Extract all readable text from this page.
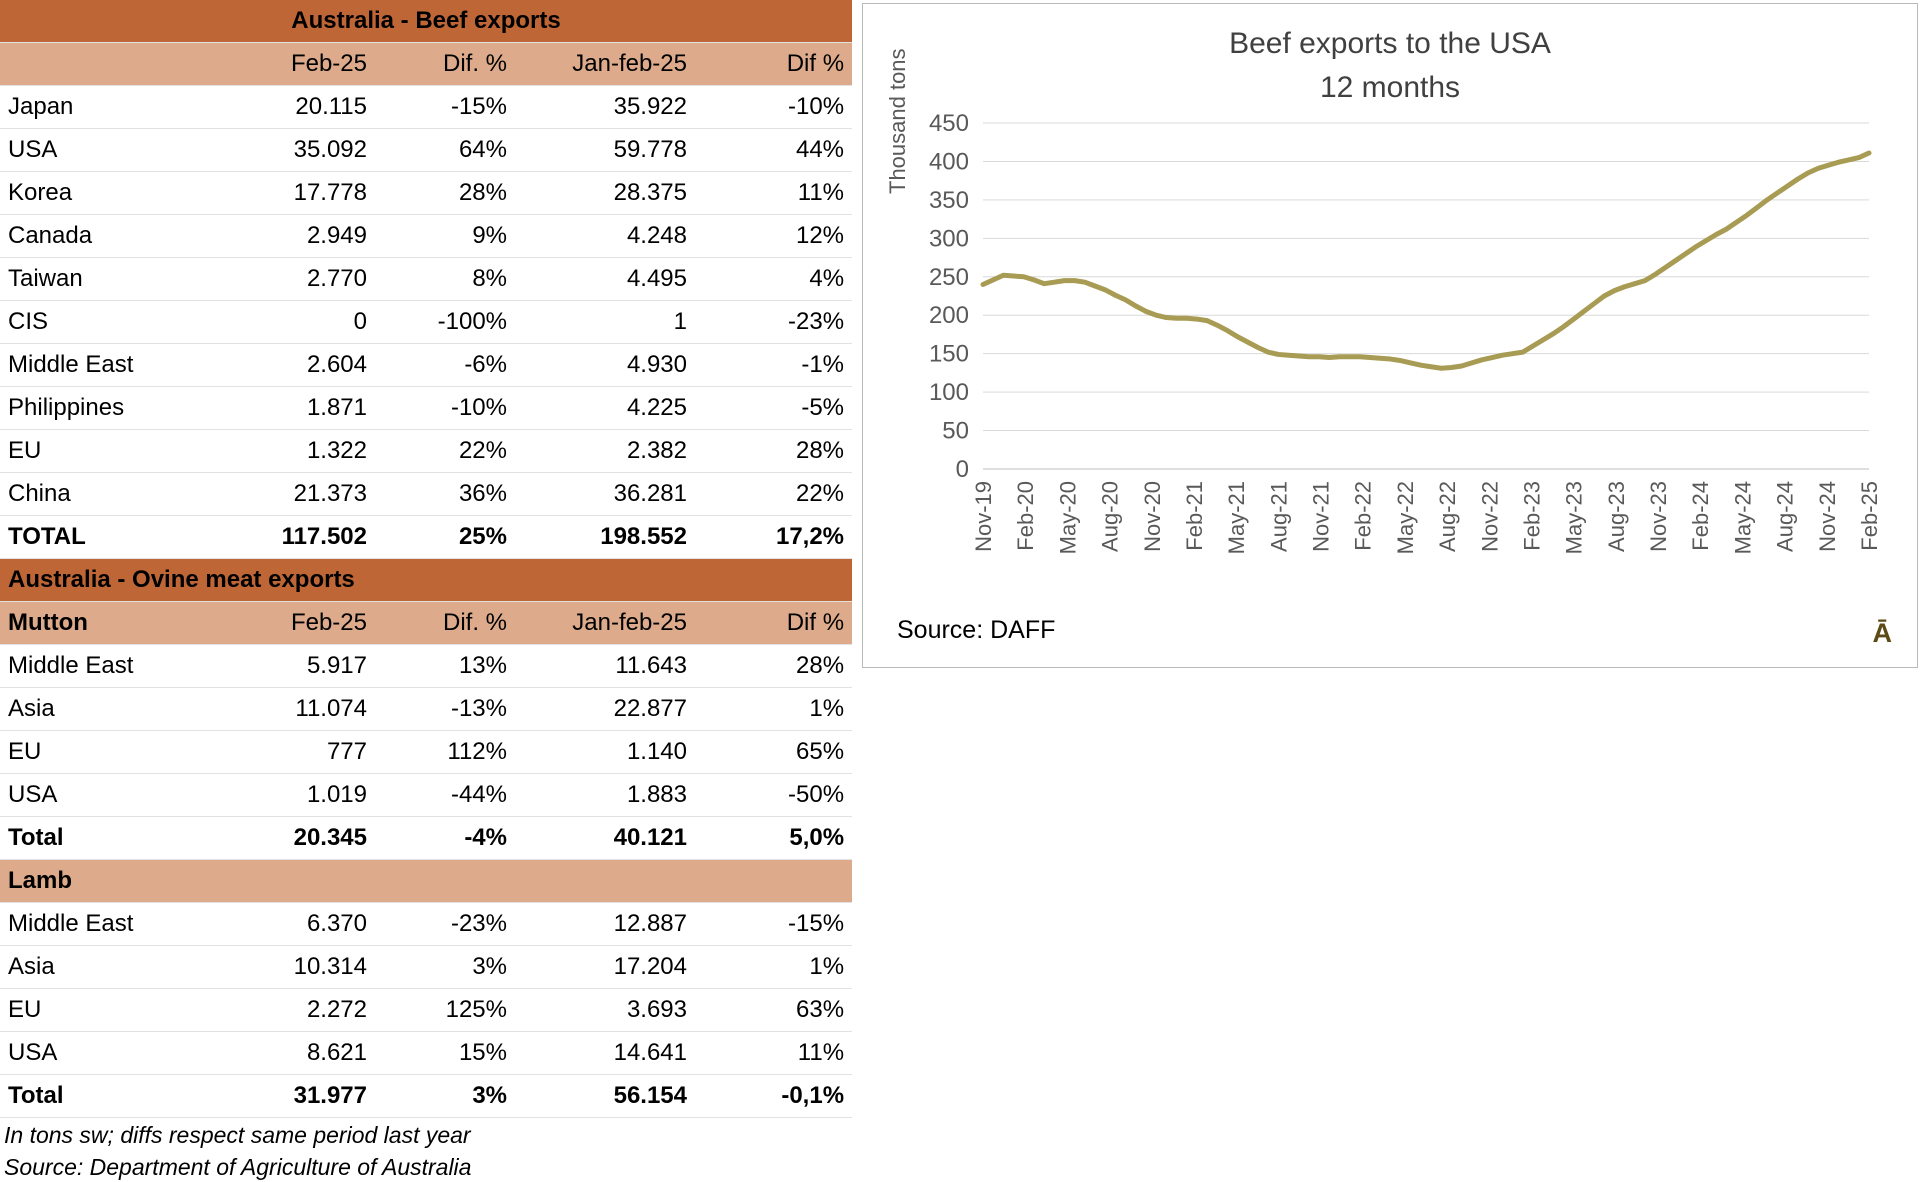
Australia - Beef exports				
	Feb-25	Dif. %	Jan-feb-25	Dif %
Japan	20.115	-15%	35.922	-10%
USA	35.092	64%	59.778	44%
Korea	17.778	28%	28.375	11%
Canada	2.949	9%	4.248	12%
Taiwan	2.770	8%	4.495	4%
CIS	0	-100%	1	-23%
Middle East	2.604	-6%	4.930	-1%
Philippines	1.871	-10%	4.225	-5%
EU	1.322	22%	2.382	28%
China	21.373	36%	36.281	22%
TOTAL	117.502	25%	198.552	17,2%
Australia - Ovine meat exports				
Mutton	Feb-25	Dif. %	Jan-feb-25	Dif %
Middle East	5.917	13%	11.643	28%
Asia	11.074	-13%	22.877	1%
EU	777	112%	1.140	65%
USA	1.019	-44%	1.883	-50%
Total	20.345	-4%	40.121	5,0%
Lamb				
Middle East	6.370	-23%	12.887	-15%
Asia	10.314	3%	17.204	1%
EU	2.272	125%	3.693	63%
USA	8.621	15%	14.641	11%
Total	31.977	3%	56.154	-0,1%
In tons sw; diffs respect same period last year
Source: Department of Agriculture of Australia
Beef exports to the USA
12 months
Thousand tons
0
50
100
150
200
250
300
350
400
450
Nov-19 Feb-20 May-20 Aug-20 Nov-20 Feb-21 May-21 Aug-21 Nov-21 Feb-22 May-22 Aug-22 Nov-22 Feb-23 May-23 Aug-23 Nov-23 Feb-24 May-24 Aug-24 Nov-24 Feb-25
Source: DAFF	Ā
